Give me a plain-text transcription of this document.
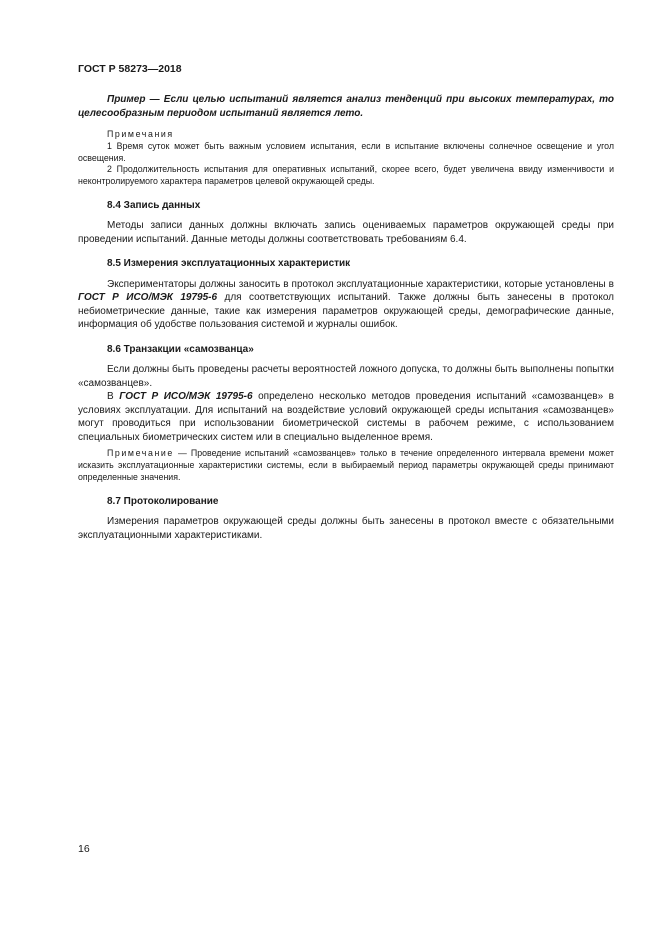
ГОСТ Р 58273—2018

Пример — Если целью испытаний является анализ тенденций при высоких температурах, то целесообразным периодом испытаний является лето.

Примечания

1 Время суток может быть важным условием испытания, если в испытание включены солнечное освещение и угол освещения.

2 Продолжительность испытания для оперативных испытаний, скорее всего, будет увеличена ввиду изменчивости и неконтролируемого характера параметров целевой окружающей среды.

8.4 Запись данных

Методы записи данных должны включать запись оцениваемых параметров окружающей среды при проведении испытаний. Данные методы должны соответствовать требованиям 6.4.

8.5 Измерения эксплуатационных характеристик

Экспериментаторы должны заносить в протокол эксплуатационные характеристики, которые установлены в ГОСТ Р ИСО/МЭК 19795-6 для соответствующих испытаний. Также должны быть занесены в протокол небиометрические данные, такие как измерения параметров окружающей среды, демографические данные, информация об удобстве пользования системой и журналы ошибок.

8.6 Транзакции «самозванца»

Если должны быть проведены расчеты вероятностей ложного допуска, то должны быть выполнены попытки «самозванцев».

В ГОСТ Р ИСО/МЭК 19795-6 определено несколько методов проведения испытаний «самозванцев» в условиях эксплуатации. Для испытаний на воздействие условий окружающей среды испытания «самозванцев» могут проводиться при использовании биометрической системы в рабочем режиме, с использованием специальных биометрических систем или в специально выделенное время.

Примечание — Проведение испытаний «самозванцев» только в течение определенного интервала времени может исказить эксплуатационные характеристики системы, если в выбираемый период параметры окружающей среды принимают определенные значения.

8.7 Протоколирование

Измерения параметров окружающей среды должны быть занесены в протокол вместе с обязательными эксплуатационными характеристиками.

16
